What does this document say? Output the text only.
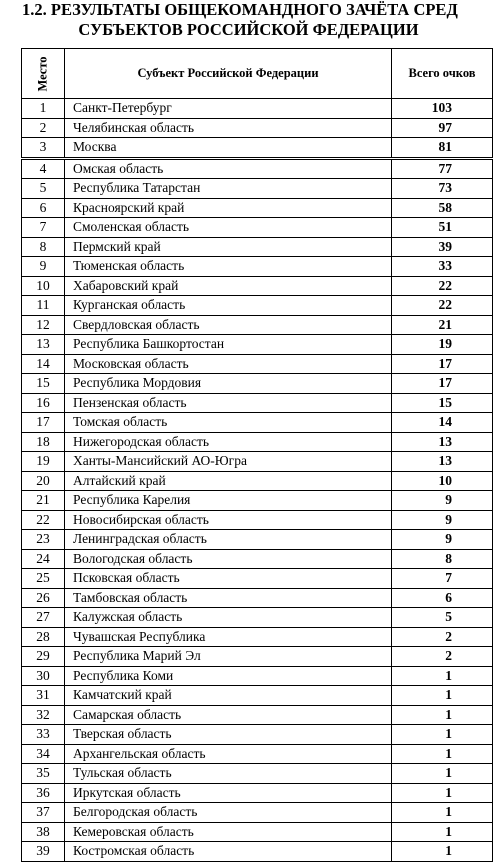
1.2. РЕЗУЛЬТАТЫ ОБЩЕКОМАНДНОГО ЗАЧЁТА СРЕД
СУБЪЕКТОВ РОССИЙСКОЙ ФЕДЕРАЦИИ
Место	Субъект Российской Федерации	Всего очков
1	Санкт-Петербург	103
2	Челябинская область	97
3	Москва	81
4	Омская область	77
5	Республика Татарстан	73
6	Красноярский край	58
7	Смоленская область	51
8	Пермский край	39
9	Тюменская область	33
10	Хабаровский край	22
11	Курганская область	22
12	Свердловская область	21
13	Республика Башкортостан	19
14	Московская область	17
15	Республика Мордовия	17
16	Пензенская область	15
17	Томская область	14
18	Нижегородская область	13
19	Ханты-Мансийский АО-Югра	13
20	Алтайский край	10
21	Республика Карелия	9
22	Новосибирская область	9
23	Ленинградская область	9
24	Вологодская область	8
25	Псковская область	7
26	Тамбовская область	6
27	Калужская область	5
28	Чувашская Республика	2
29	Республика Марий Эл	2
30	Республика Коми	1
31	Камчатский край	1
32	Самарская область	1
33	Тверская область	1
34	Архангельская область	1
35	Тульская область	1
36	Иркутская область	1
37	Белгородская область	1
38	Кемеровская область	1
39	Костромская область	1
